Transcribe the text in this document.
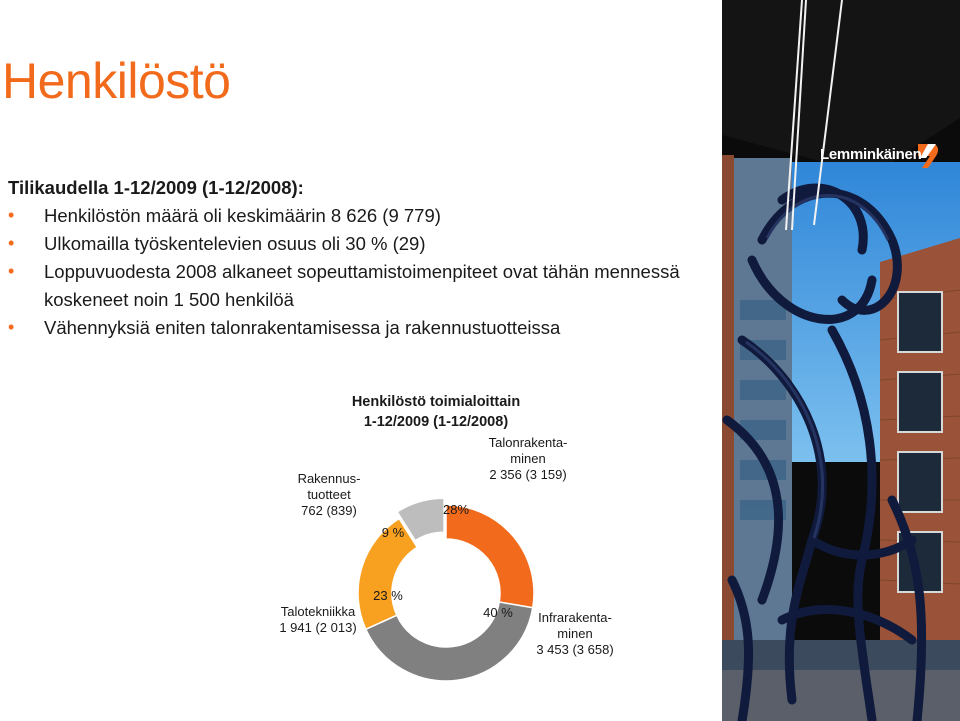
Henkilöstö
Tilikaudella 1-12/2009 (1-12/2008):
• Henkilöstön määrä oli keskimäärin 8 626 (9 779)
• Ulkomailla työskentelevien osuus oli 30 % (29)
• Loppuvuodesta 2008 alkaneet sopeuttamistoimenpiteet ovat tähän mennessä koskeneet noin 1 500 henkilöä
• Vähennyksiä eniten talonrakentamisessa ja rakennustuotteissa
Henkilöstö toimialoittain
1-12/2009 (1-12/2008)
28%
Talonrakenta-minen 2 356 (3 159)
40 % Infrarakenta-minen 3 453 (3 658)
23 %
Talotekniikka 1 941 (2 013)
9 %
Rakennus-tuotteet 762 (839)
Lemminkäinen
